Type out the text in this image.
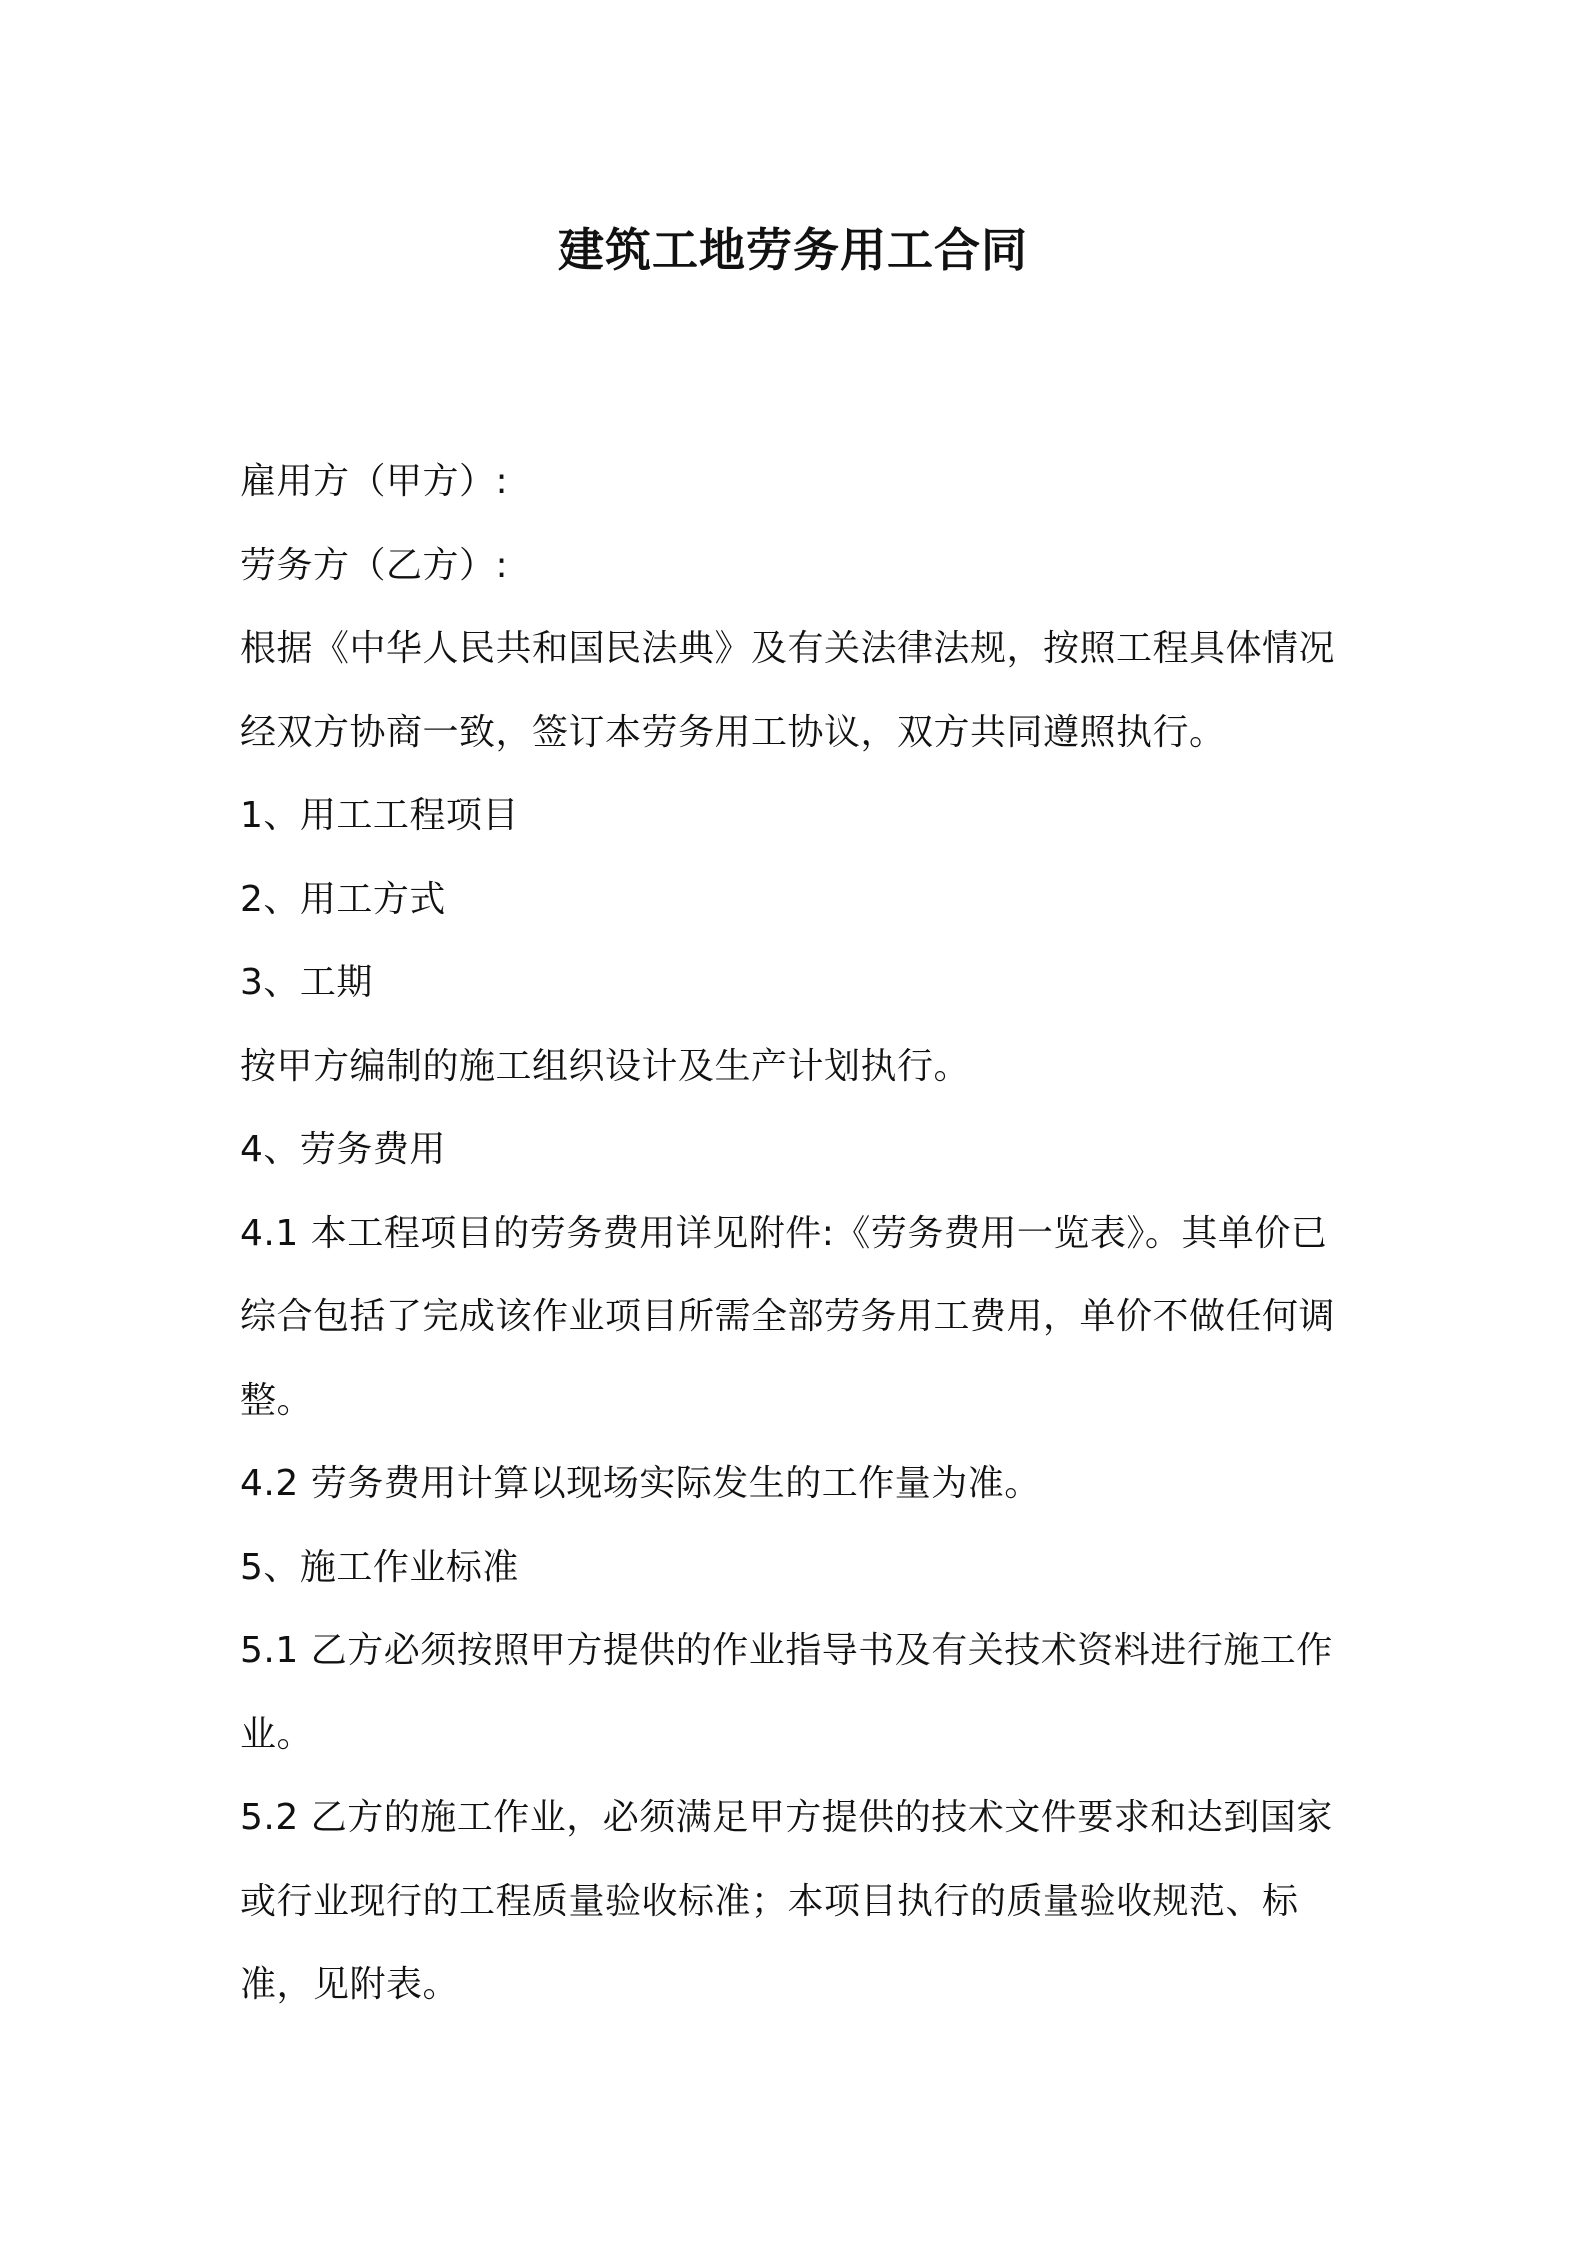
建筑工地劳务用工合同

雇用方（甲方）:

劳务方（乙方）:

根据《中华人民共和国民法典》及有关法律法规，按照工程具体情况经双方协商一致，签订本劳务用工协议，双方共同遵照执行。

1、用工工程项目

2、用工方式

3、工期

按甲方编制的施工组织设计及生产计划执行。

4、劳务费用

4.1 本工程项目的劳务费用详见附件:《劳务费用一览表》。其单价已综合包括了完成该作业项目所需全部劳务用工费用，单价不做任何调整。

4.2 劳务费用计算以现场实际发生的工作量为准。

5、施工作业标准

5.1 乙方必须按照甲方提供的作业指导书及有关技术资料进行施工作业。

5.2 乙方的施工作业，必须满足甲方提供的技术文件要求和达到国家或行业现行的工程质量验收标准；本项目执行的质量验收规范、标准，见附表。
